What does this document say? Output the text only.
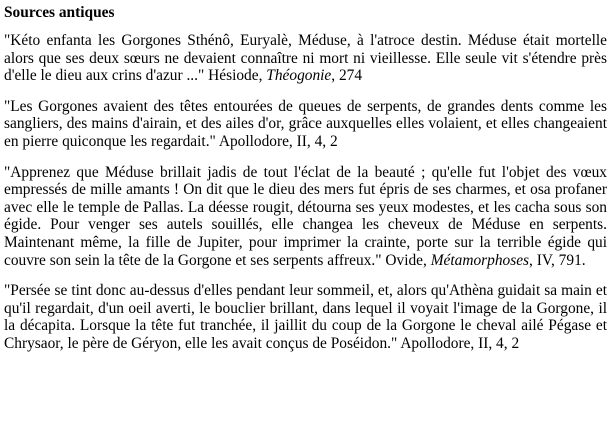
Sources antiques

"Kéto enfanta les Gorgones Sthénô, Euryalè, Méduse, à l'atroce destin. Méduse était mortelle alors que ses deux sœurs ne devaient connaître ni mort ni vieillesse. Elle seule vit s'étendre près d'elle le dieu aux crins d'azur ..." Hésiode, Théogonie, 274

"Les Gorgones avaient des têtes entourées de queues de serpents, de grandes dents comme les sangliers, des mains d'airain, et des ailes d'or, grâce auxquelles elles volaient, et elles changeaient en pierre quiconque les regardait." Apollodore, II, 4, 2

"Apprenez que Méduse brillait jadis de tout l'éclat de la beauté ; qu'elle fut l'objet des vœux empressés de mille amants ! On dit que le dieu des mers fut épris de ses charmes, et osa profaner avec elle le temple de Pallas. La déesse rougit, détourna ses yeux modestes, et les cacha sous son égide. Pour venger ses autels souillés, elle changea les cheveux de Méduse en serpents. Maintenant même, la fille de Jupiter, pour imprimer la crainte, porte sur la terrible égide qui couvre son sein la tête de la Gorgone et ses serpents affreux." Ovide, Métamorphoses, IV, 791.

"Persée se tint donc au-dessus d'elles pendant leur sommeil, et, alors qu'Athèna guidait sa main et qu'il regardait, d'un oeil averti, le bouclier brillant, dans lequel il voyait l'image de la Gorgone, il la décapita. Lorsque la tête fut tranchée, il jaillit du coup de la Gorgone le cheval ailé Pégase et Chrysaor, le père de Géryon, elle les avait conçus de Poséidon." Apollodore, II, 4, 2
